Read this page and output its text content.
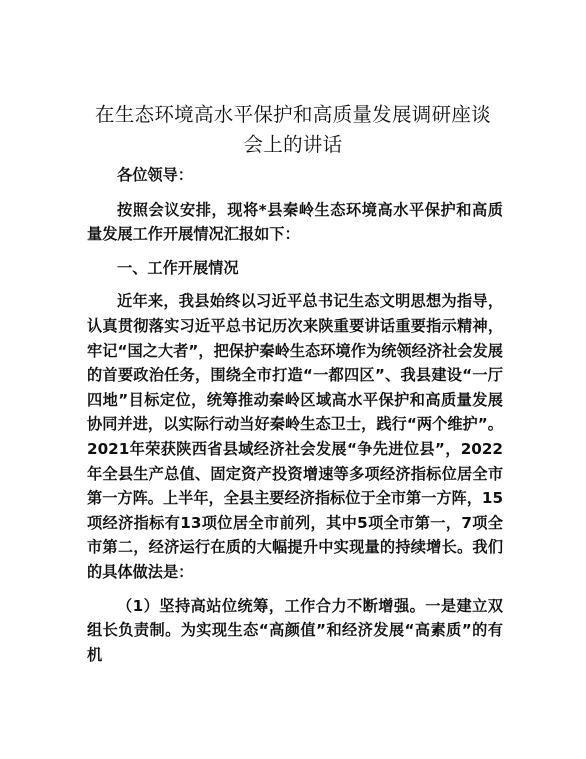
在生态环境高水平保护和高质量发展调研座谈
会上的讲话

各位领导：

按照会议安排，现将*县秦岭生态环境高水平保护和高质量发展工作开展情况汇报如下：

一、工作开展情况

近年来，我县始终以习近平总书记生态文明思想为指导，认真贯彻落实习近平总书记历次来陕重要讲话重要指示精神，牢记“国之大者”，把保护秦岭生态环境作为统领经济社会发展的首要政治任务，围绕全市打造“一都四区”、我县建设“一厅四地”目标定位，统筹推动秦岭区域高水平保护和高质量发展协同并进，以实际行动当好秦岭生态卫士，践行“两个维护”。2021年荣获陕西省县域经济社会发展“争先进位县”，2022年全县生产总值、固定资产投资增速等多项经济指标位居全市第一方阵。上半年，全县主要经济指标位于全市第一方阵，15项经济指标有13项位居全市前列，其中5项全市第一，7项全市第二，经济运行在质的大幅提升中实现量的持续增长。我们的具体做法是：

（1）坚持高站位统筹，工作合力不断增强。一是建立双组长负责制。为实现生态“高颜值”和经济发展“高素质”的有机
